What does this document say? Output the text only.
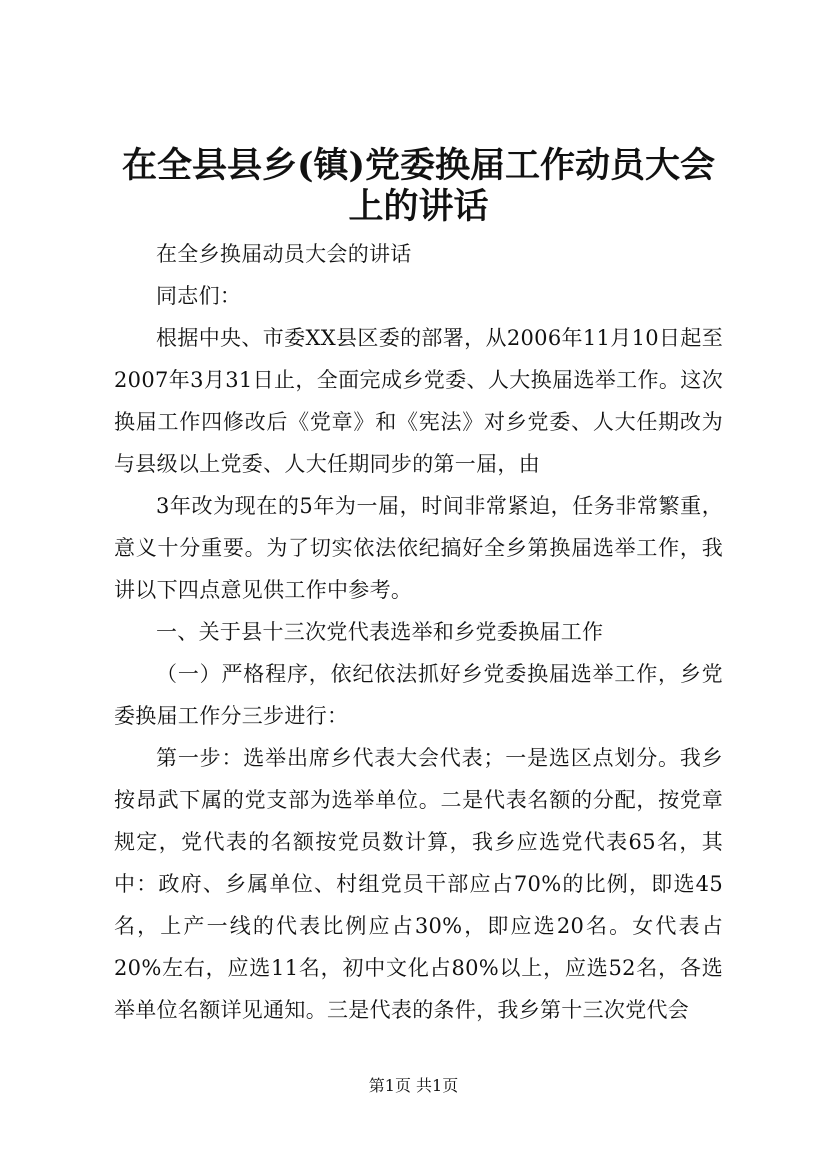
在全县县乡(镇)党委换届工作动员大会上的讲话

在全乡换届动员大会的讲话

同志们：

根据中央、市委XX县区委的部署，从2006年11月10日起至2007年3月31日止，全面完成乡党委、人大换届选举工作。这次换届工作四修改后《党章》和《宪法》对乡党委、人大任期改为与县级以上党委、人大任期同步的第一届，由

3年改为现在的5年为一届，时间非常紧迫，任务非常繁重，意义十分重要。为了切实依法依纪搞好全乡第换届选举工作，我讲以下四点意见供工作中参考。

一、关于县十三次党代表选举和乡党委换届工作

（一）严格程序，依纪依法抓好乡党委换届选举工作，乡党委换届工作分三步进行：

第一步：选举出席乡代表大会代表；一是选区点划分。我乡按昂武下属的党支部为选举单位。二是代表名额的分配，按党章规定，党代表的名额按党员数计算，我乡应选党代表65名，其中：政府、乡属单位、村组党员干部应占70%的比例，即选45名，上产一线的代表比例应占30%，即应选20名。女代表占20%左右，应选11名，初中文化占80%以上，应选52名，各选举单位名额详见通知。三是代表的条件，我乡第十三次党代会

第1页 共1页
